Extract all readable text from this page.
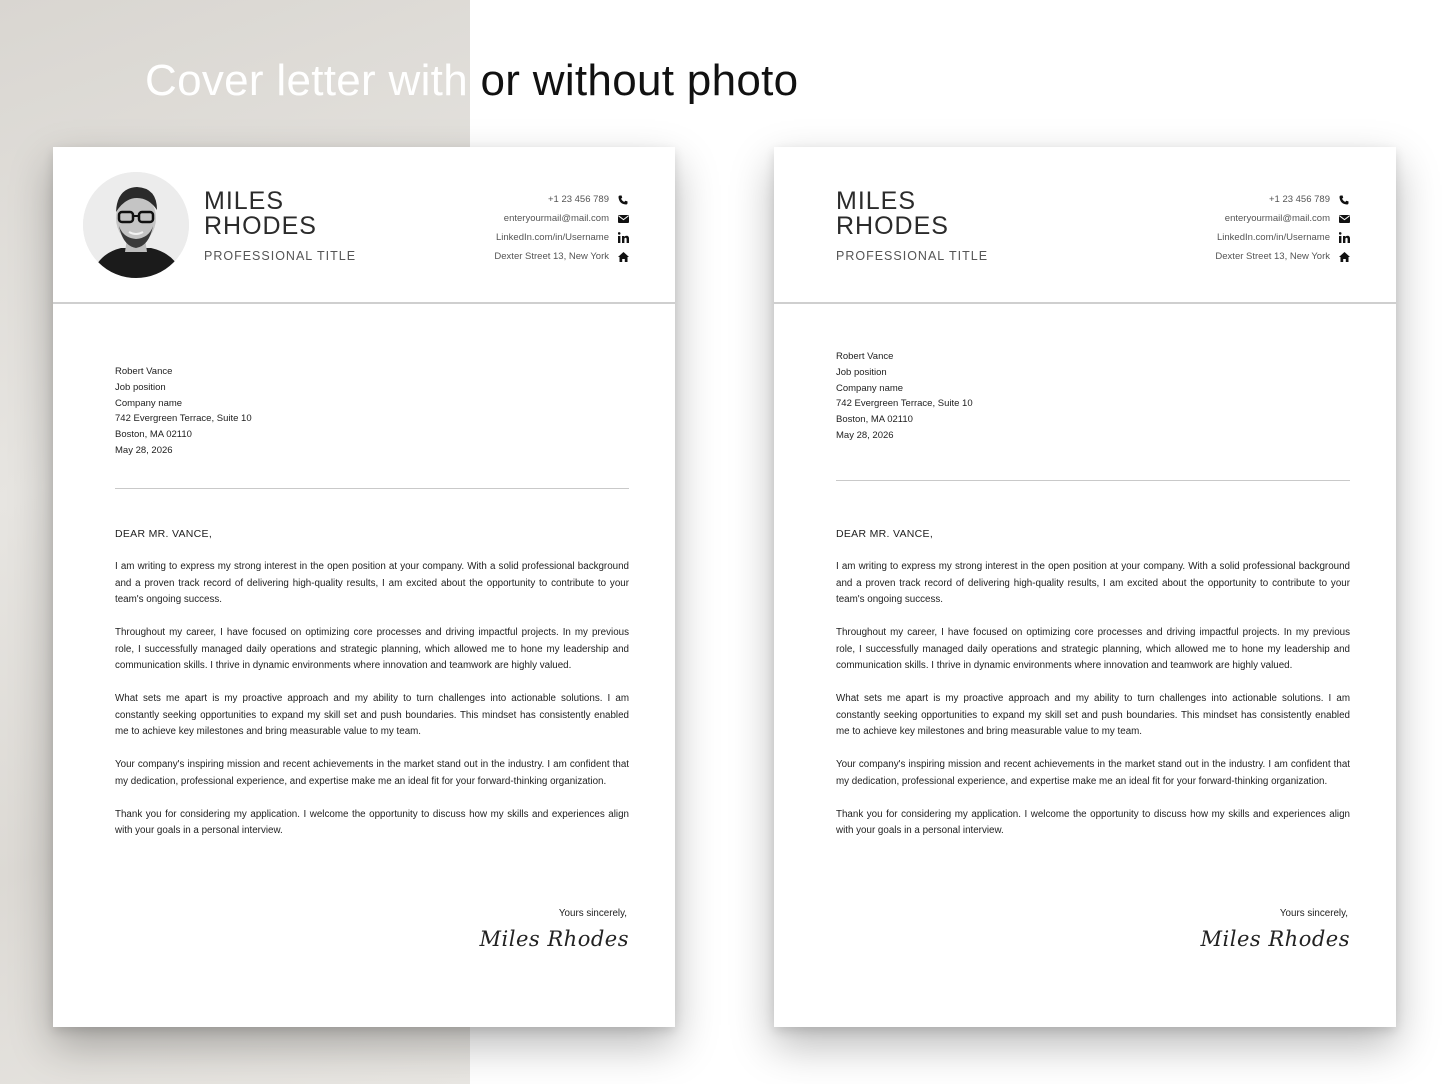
Cover letter with or without photo
MILES
RHODES
PROFESSIONAL TITLE
+1 23 456 789
enteryourmail@mail.com
LinkedIn.com/in/Username
Dexter Street 13, New York
Robert Vance
Job position
Company name
742 Evergreen Terrace, Suite 10
Boston, MA 02110
May 28, 2026
DEAR MR. VANCE,

I am writing to express my strong interest in the open position at your company. With a solid professional background and a proven track record of delivering high-quality results, I am excited about the opportunity to contribute to your team's ongoing success.

Throughout my career, I have focused on optimizing core processes and driving impactful projects. In my previous role, I successfully managed daily operations and strategic planning, which allowed me to hone my leadership and communication skills. I thrive in dynamic environments where innovation and teamwork are highly valued.

What sets me apart is my proactive approach and my ability to turn challenges into actionable solutions. I am constantly seeking opportunities to expand my skill set and push boundaries. This mindset has consistently enabled me to achieve key milestones and bring measurable value to my team.

Your company's inspiring mission and recent achievements in the market stand out in the industry. I am confident that my dedication, professional experience, and expertise make me an ideal fit for your forward-thinking organization.

Thank you for considering my application. I welcome the opportunity to discuss how my skills and experiences align with your goals in a personal interview.

Yours sincerely,
Miles Rhodes
MILES
RHODES
PROFESSIONAL TITLE
+1 23 456 789
enteryourmail@mail.com
LinkedIn.com/in/Username
Dexter Street 13, New York
Robert Vance
Job position
Company name
742 Evergreen Terrace, Suite 10
Boston, MA 02110
May 28, 2026
DEAR MR. VANCE,

I am writing to express my strong interest in the open position at your company. With a solid professional background and a proven track record of delivering high-quality results, I am excited about the opportunity to contribute to your team's ongoing success.

Throughout my career, I have focused on optimizing core processes and driving impactful projects. In my previous role, I successfully managed daily operations and strategic planning, which allowed me to hone my leadership and communication skills. I thrive in dynamic environments where innovation and teamwork are highly valued.

What sets me apart is my proactive approach and my ability to turn challenges into actionable solutions. I am constantly seeking opportunities to expand my skill set and push boundaries. This mindset has consistently enabled me to achieve key milestones and bring measurable value to my team.

Your company's inspiring mission and recent achievements in the market stand out in the industry. I am confident that my dedication, professional experience, and expertise make me an ideal fit for your forward-thinking organization.

Thank you for considering my application. I welcome the opportunity to discuss how my skills and experiences align with your goals in a personal interview.

Yours sincerely,
Miles Rhodes
